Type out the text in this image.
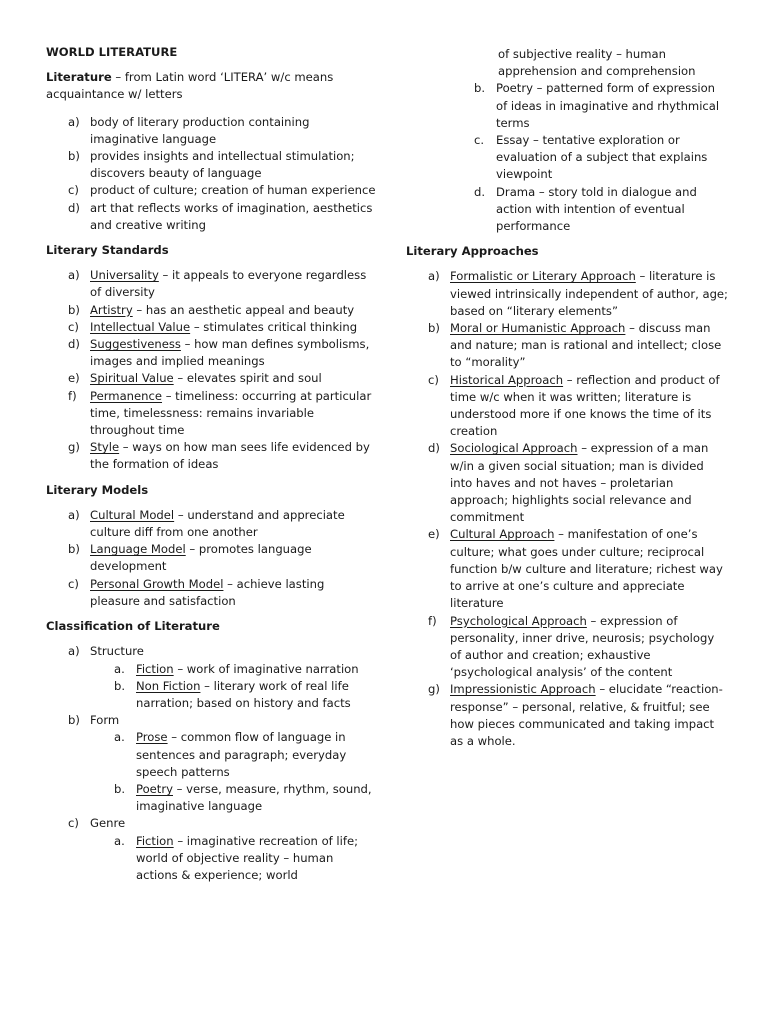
WORLD LITERATURE

Literature – from Latin word ‘LITERA’ w/c means acquaintance w/ letters

a) body of literary production containing imaginative language
b) provides insights and intellectual stimulation; discovers beauty of language
c) product of culture; creation of human experience
d) art that reflects works of imagination, aesthetics and creative writing

Literary Standards

a) Universality – it appeals to everyone regardless of diversity
b) Artistry – has an aesthetic appeal and beauty
c) Intellectual Value – stimulates critical thinking
d) Suggestiveness – how man defines symbolisms, images and implied meanings
e) Spiritual Value – elevates spirit and soul
f)	Permanence – timeliness: occurring at particular time, timelessness: remains invariable throughout time
g) Style – ways on how man sees life evidenced by the formation of ideas

Literary Models

a) Cultural Model – understand and appreciate culture diff from one another
b) Language Model – promotes language development
c) Personal Growth Model – achieve lasting pleasure and satisfaction

Classification of Literature

a) Structure
a. Fiction – work of imaginative narration
b. Non Fiction – literary work of real life narration; based on history and facts
b) Form
a. Prose – common flow of language in sentences and paragraph; everyday speech patterns
b. Poetry – verse, measure, rhythm, sound, imaginative language
c) Genre
a. Fiction – imaginative recreation of life; world of objective reality – human actions & experience; world
of subjective reality – human apprehension and comprehension
b. Poetry – patterned form of expression of ideas in imaginative and rhythmical terms
c.	Essay – tentative exploration or evaluation of a subject that explains viewpoint
d. Drama – story told in dialogue and action with intention of eventual performance

Literary Approaches

a) Formalistic or Literary Approach – literature is viewed intrinsically independent of author, age; based on “literary elements”
b) Moral or Humanistic Approach – discuss man and nature; man is rational and intellect; close to “morality”
c) Historical Approach – reflection and product of time w/c when it was written; literature is understood more if one knows the time of its creation
d) Sociological Approach – expression of a man w/in a given social situation; man is divided into haves and not haves – proletarian approach; highlights social relevance and commitment
e) Cultural Approach – manifestation of one’s culture; what goes under culture; reciprocal function b/w culture and literature; richest way to arrive at one’s culture and appreciate literature
f)	Psychological Approach – expression of personality, inner drive, neurosis; psychology of author and creation; exhaustive ‘psychological analysis’ of the content
g) Impressionistic Approach – elucidate “reaction-response” – personal, relative, & fruitful; see how pieces communicated and taking impact as a whole.
